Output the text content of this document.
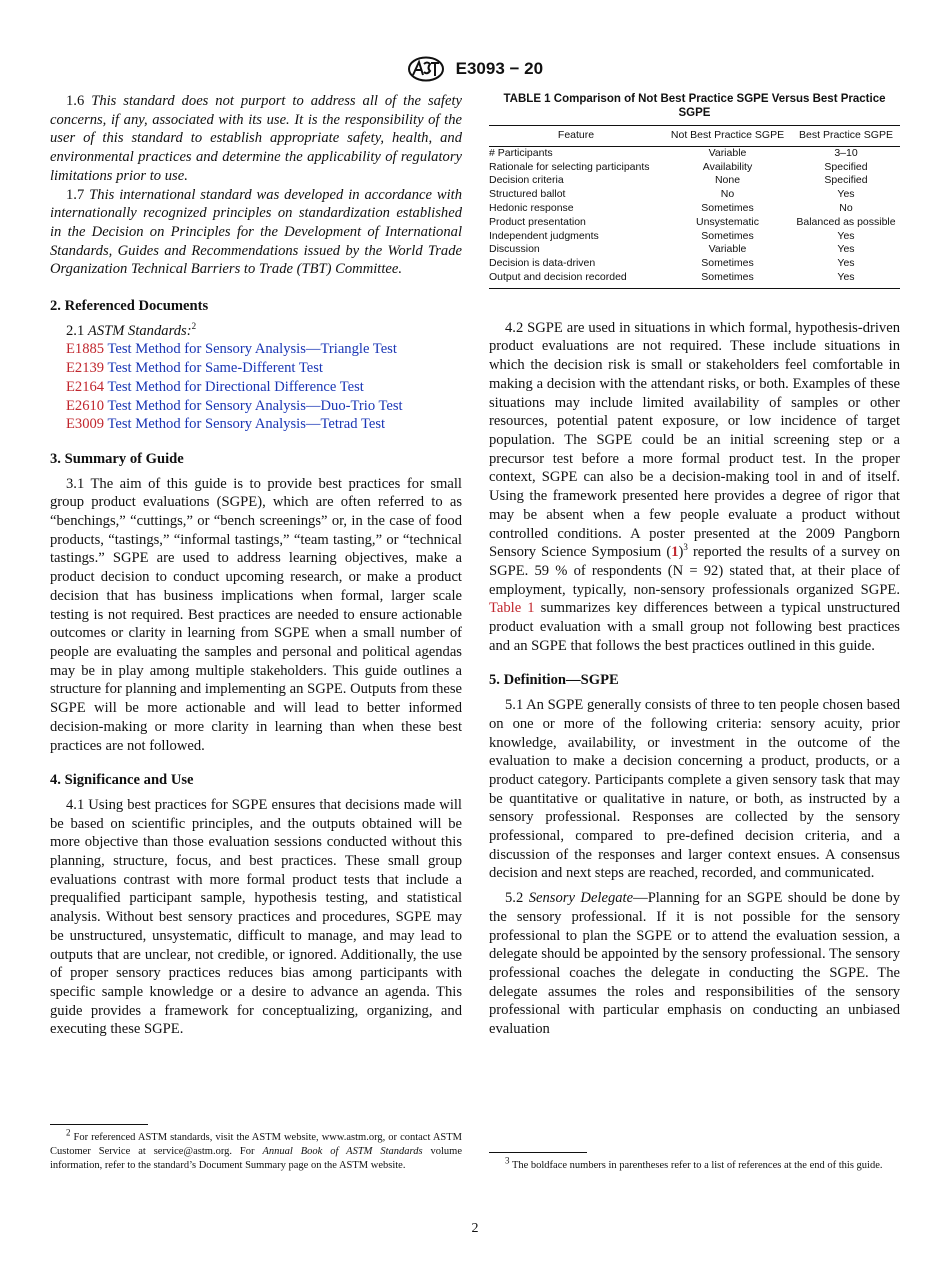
E3093 − 20

1.6 This standard does not purport to address all of the safety concerns, if any, associated with its use. It is the responsibility of the user of this standard to establish appropriate safety, health, and environmental practices and determine the applicability of regulatory limitations prior to use.

1.7 This international standard was developed in accordance with internationally recognized principles on standardization established in the Decision on Principles for the Development of International Standards, Guides and Recommendations issued by the World Trade Organization Technical Barriers to Trade (TBT) Committee.

2. Referenced Documents

2.1 ASTM Standards:$^2$

E1885 Test Method for Sensory Analysis—Triangle Test
E2139 Test Method for Same-Different Test
E2164 Test Method for Directional Difference Test
E2610 Test Method for Sensory Analysis—Duo-Trio Test
E3009 Test Method for Sensory Analysis—Tetrad Test
3. Summary of Guide

3.1 The aim of this guide is to provide best practices for small group product evaluations (SGPE), which are often referred to as “benchings,” “cuttings,” or “bench screenings” or, in the case of food products, “tastings,” “informal tastings,” “team tasting,” or “technical tastings.” SGPE are used to address learning objectives, make a product decision to conduct upcoming research, or make a product decision that has business implications when formal, larger scale testing is not required. Best practices are needed to ensure actionable outcomes or clarity in learning from SGPE when a small number of people are evaluating the samples and personal and political agendas may be in play among multiple stakeholders. This guide outlines a structure for planning and implementing an SGPE. Outputs from these SGPE will be more actionable and will lead to better informed decision-making or more clarity in learning than when these best practices are not followed.

4. Significance and Use

4.1 Using best practices for SGPE ensures that decisions made will be based on scientific principles, and the outputs obtained will be more objective than those evaluation sessions conducted without this planning, structure, focus, and best practices. These small group evaluations contrast with more formal product tests that include a prequalified participant sample, hypothesis testing, and statistical analysis. Without best sensory practices and procedures, SGPE may be unstructured, unsystematic, difficult to manage, and may lead to outputs that are unclear, not credible, or ignored. Additionally, the use of proper sensory practices reduces bias among participants with specific sample knowledge or a desire to advance an agenda. This guide provides a framework for conceptualizing, organizing, and executing these SGPE.

$^2$ For referenced ASTM standards, visit the ASTM website, www.astm.org, or contact ASTM Customer Service at service@astm.org. For Annual Book of ASTM Standards volume information, refer to the standard’s Document Summary page on the ASTM website.

TABLE 1 Comparison of Not Best Practice SGPE Versus Best Practice SGPE
Feature	Not Best Practice SGPE	Best Practice SGPE

# Participants	Variable	3–10

Rationale for selecting participants	Availability	Specified

Decision criteria	None	Specified

Structured ballot	No	Yes

Hedonic response	Sometimes	No

Product presentation	Unsystematic	Balanced as possible

Independent judgments	Sometimes	Yes

Discussion	Variable	Yes

Decision is data-driven	Sometimes	Yes

Output and decision recorded	Sometimes	Yes

4.2 SGPE are used in situations in which formal, hypothesis-driven product evaluations are not required. These include situations in which the decision risk is small or stakeholders feel comfortable in making a decision with the attendant risks, or both. Examples of these situations may include limited availability of samples or other resources, potential patent exposure, or low incidence of target population. The SGPE could be an initial screening step or a precursor test before a more formal product test. In the proper context, SGPE can also be a decision-making tool in and of itself. Using the framework presented here provides a degree of rigor that may be absent when a few people evaluate a product without controlled conditions. A poster presented at the 2009 Pangborn Sensory Science Symposium $(1)^3$ reported the results of a survey on SGPE. 59 % of respondents (N = 92) stated that, at their place of employment, typically, non-sensory professionals organized SGPE. Table 1 summarizes key differences between a typical unstructured product evaluation with a small group not following best practices and an SGPE that follows the best practices outlined in this guide.

5. Definition—SGPE

5.1 An SGPE generally consists of three to ten people chosen based on one or more of the following criteria: sensory acuity, prior knowledge, availability, or investment in the outcome of the evaluation to make a decision concerning a product, products, or a product category. Participants complete a given sensory task that may be quantitative or qualitative in nature, or both, as instructed by a sensory professional. Responses are collected by the sensory professional, compared to pre-defined decision criteria, and a discussion of the responses and larger context ensues. A consensus decision and next steps are reached, recorded, and communicated.

5.2 Sensory Delegate—Planning for an SGPE should be done by the sensory professional. If it is not possible for the sensory professional to plan the SGPE or to attend the evaluation session, a delegate should be appointed by the sensory professional. The sensory professional coaches the delegate in conducting the SGPE. The delegate assumes the roles and responsibilities of the sensory professional with particular emphasis on conducting an unbiased evaluation

$^3$ The boldface numbers in parentheses refer to a list of references at the end of this guide.

2
